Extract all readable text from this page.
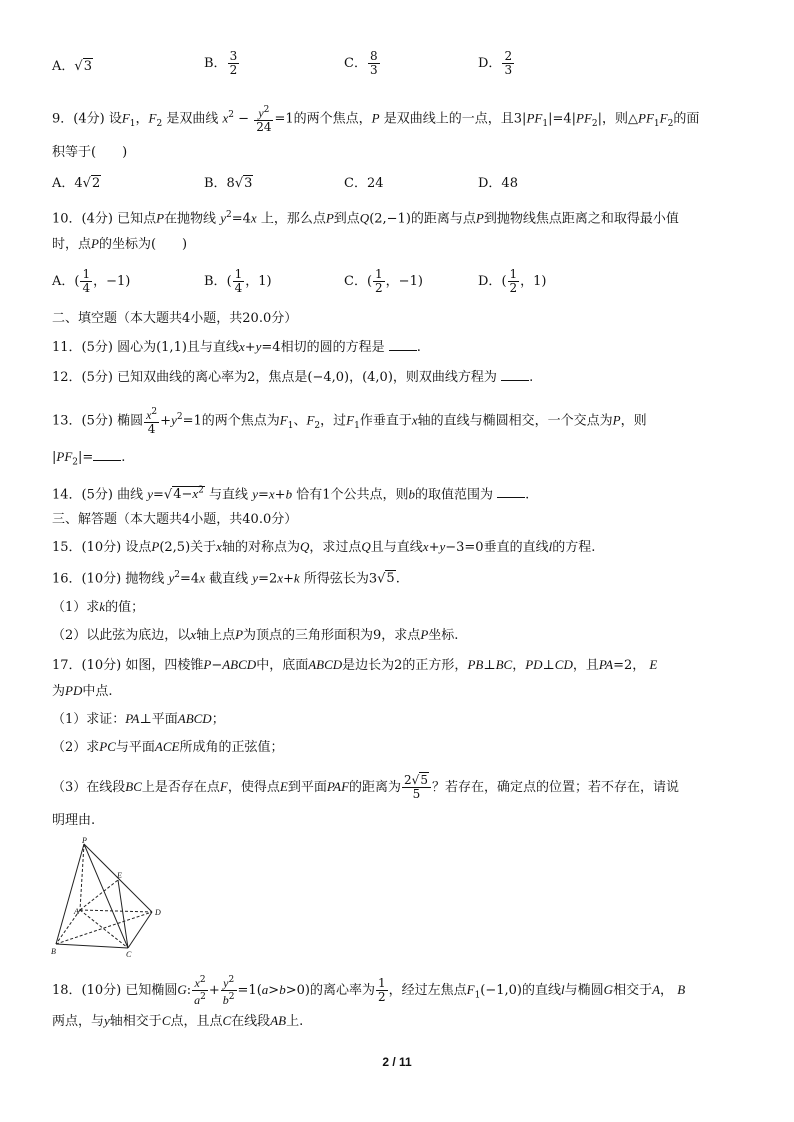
A．√3	B． $\frac{3}{2}$	C． $\frac{8}{3}$	D． $\frac{2}{3}$
9．(4分) 设$F_1$，$F_2$ 是双曲线 $x^2 - \frac{y^2}{24} =1$的两个焦点，P 是双曲线上的一点，且$3|PF_1|=4|PF_2|$，则$\triangle PF_1F_2$的面
积等于(　　)
A．4√2	B．8√3	C．24	D．48
10．(4分) 已知点P在抛物线 $y^2=4x$ 上，那么点P到点Q(2,−1)的距离与点P到抛物线焦点距离之和取得最小值
时，点P的坐标为(　　)
A．( $\frac{1}{4}$ ，−1)	B．( $\frac{1}{4}$ ，1)	C．( $\frac{1}{2}$ ，−1)	D．( $\frac{1}{2}$ ，1)
二、填空题（本大题共4小题，共20.0分）
11．(5分) 圆心为(1,1)且与直线x+y=4相切的圆的方程是 .
12．(5分) 已知双曲线的离心率为2，焦点是(−4,0)，(4,0)，则双曲线方程为 .
13．(5分) 椭圆 $\frac{x^2}{4} +y^2=1$的两个焦点为$F_1$、$F_2$，过$F_1$作垂直于x轴的直线与椭圆相交，一个交点为P，则
$|PF_2|=$ .
14．(5分) 曲线 $y=√4-x^2$ 与直线 y=x+b 恰有1个公共点，则b的取值范围为 .
三、解答题（本大题共4小题，共40.0分）
15．(10分) 设点P(2,5)关于x轴的对称点为Q，求过点Q且与直线x+y−3=0垂直的直线l的方程.
16．(10分) 抛物线 $y^2=4x$ 截直线 y=2x+k 所得弦长为3√5.
（1）求k的值；
（2）以此弦为底边，以x轴上点P为顶点的三角形面积为9，求点P坐标.
17．(10分) 如图，四棱锥P−ABCD中，底面ABCD是边长为2的正方形，PB⊥BC，PD⊥CD，且PA=2， E
为PD中点.
（1）求证：PA⊥平面ABCD；
（2）求PC与平面ACE所成角的正弦值；
（3）在线段BC上是否存在点F，使得点E到平面PAF的距离为 $\frac{2√5}{5}$ ？若存在，确定点的位置；若不存在，请说
明理由.
P
E
A	D
B	C
18．(10分) 已知椭圆G: $\frac{x^2}{a^2} + \frac{y^2}{b^2} =1(a>b>0)$的离心率为 $\frac{1}{2}$ ，经过左焦点$F_1(-1,0)$的直线l与椭圆G相交于A， B
两点，与y轴相交于C点，且点C在线段AB上.
2 / 11
